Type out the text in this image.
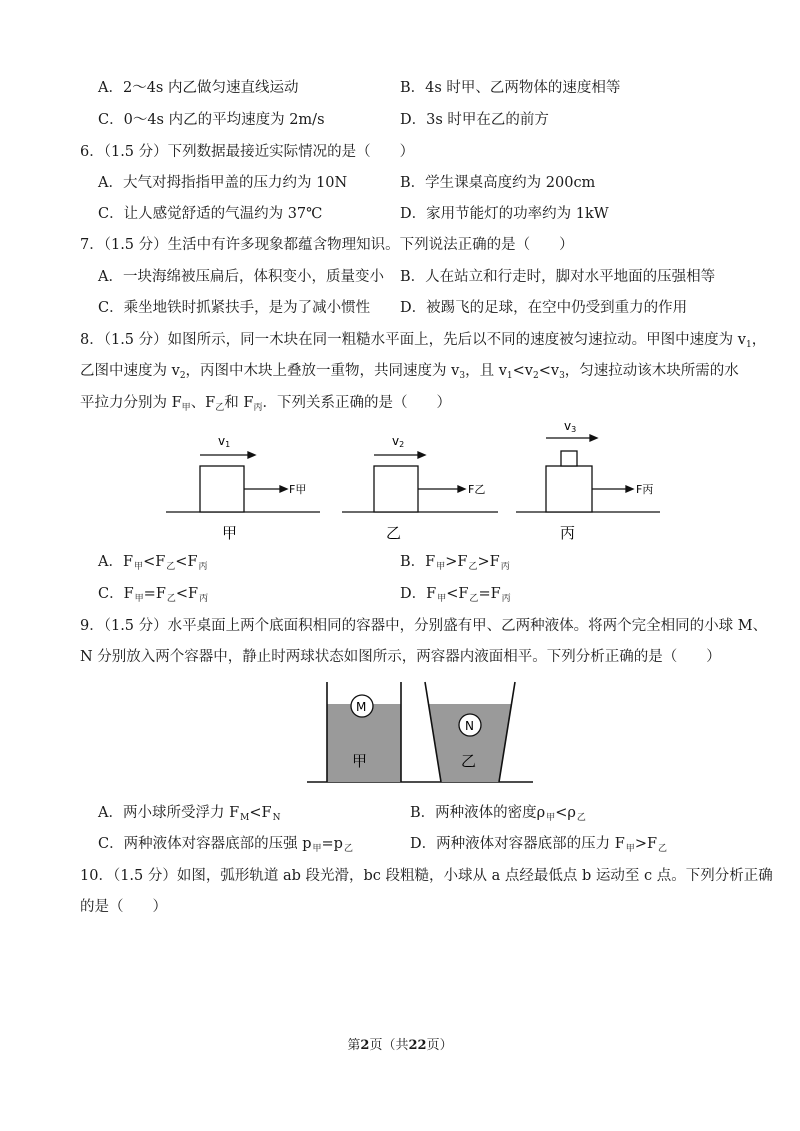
A．2～4s 内乙做匀速直线运动	B．4s 时甲、乙两物体的速度相等
C．0～4s 内乙的平均速度为 2m/s	D．3s 时甲在乙的前方
6．（1.5 分）下列数据最接近实际情况的是（　　）
A．大气对拇指指甲盖的压力约为 10N	B．学生课桌高度约为 200cm
C．让人感觉舒适的气温约为 37℃	D．家用节能灯的功率约为 1kW
7．（1.5 分）生活中有许多现象都蕴含物理知识。下列说法正确的是（　　）
A．一块海绵被压扁后，体积变小，质量变小 B．人在站立和行走时，脚对水平地面的压强相等
C．乘坐地铁时抓紧扶手，是为了减小惯性 D．被踢飞的足球，在空中仍受到重力的作用
8．（1.5 分）如图所示，同一木块在同一粗糙水平面上，先后以不同的速度被匀速拉动。甲图中速度为 $v_1$，
乙图中速度为 $v_2$，丙图中木块上叠放一重物，共同速度为 $v_3$，且 $v_1<v_2<v_3$，匀速拉动该木块所需的水
平拉力分别为 $F_甲$、$F_乙$和 $F_丙$．下列关系正确的是（　　）
v1
F甲
甲
v2
F乙
乙
v3
F丙
丙
A．$F_甲<F_乙<F_丙$	B．$F_甲>F_乙>F_丙$
C．$F_甲=F_乙<F_丙$	D．$F_甲<F_乙=F_丙$
9．（1.5 分）水平桌面上两个底面积相同的容器中，分别盛有甲、乙两种液体。将两个完全相同的小球 M、
N 分别放入两个容器中，静止时两球状态如图所示，两容器内液面相平。下列分析正确的是（　　）
M
甲
N
乙
A．两小球所受浮力 $F_M<F_N$	B．两种液体的密度$\rho_甲<\rho_乙$
C．两种液体对容器底部的压强 $p_甲=p_乙$	D．两种液体对容器底部的压力 $F_甲>F_乙$
10．（1.5 分）如图，弧形轨道 ab 段光滑，bc 段粗糙，小球从 a 点经最低点 b 运动至 c 点。下列分析正确
的是（　　）
第2页（共22页）
